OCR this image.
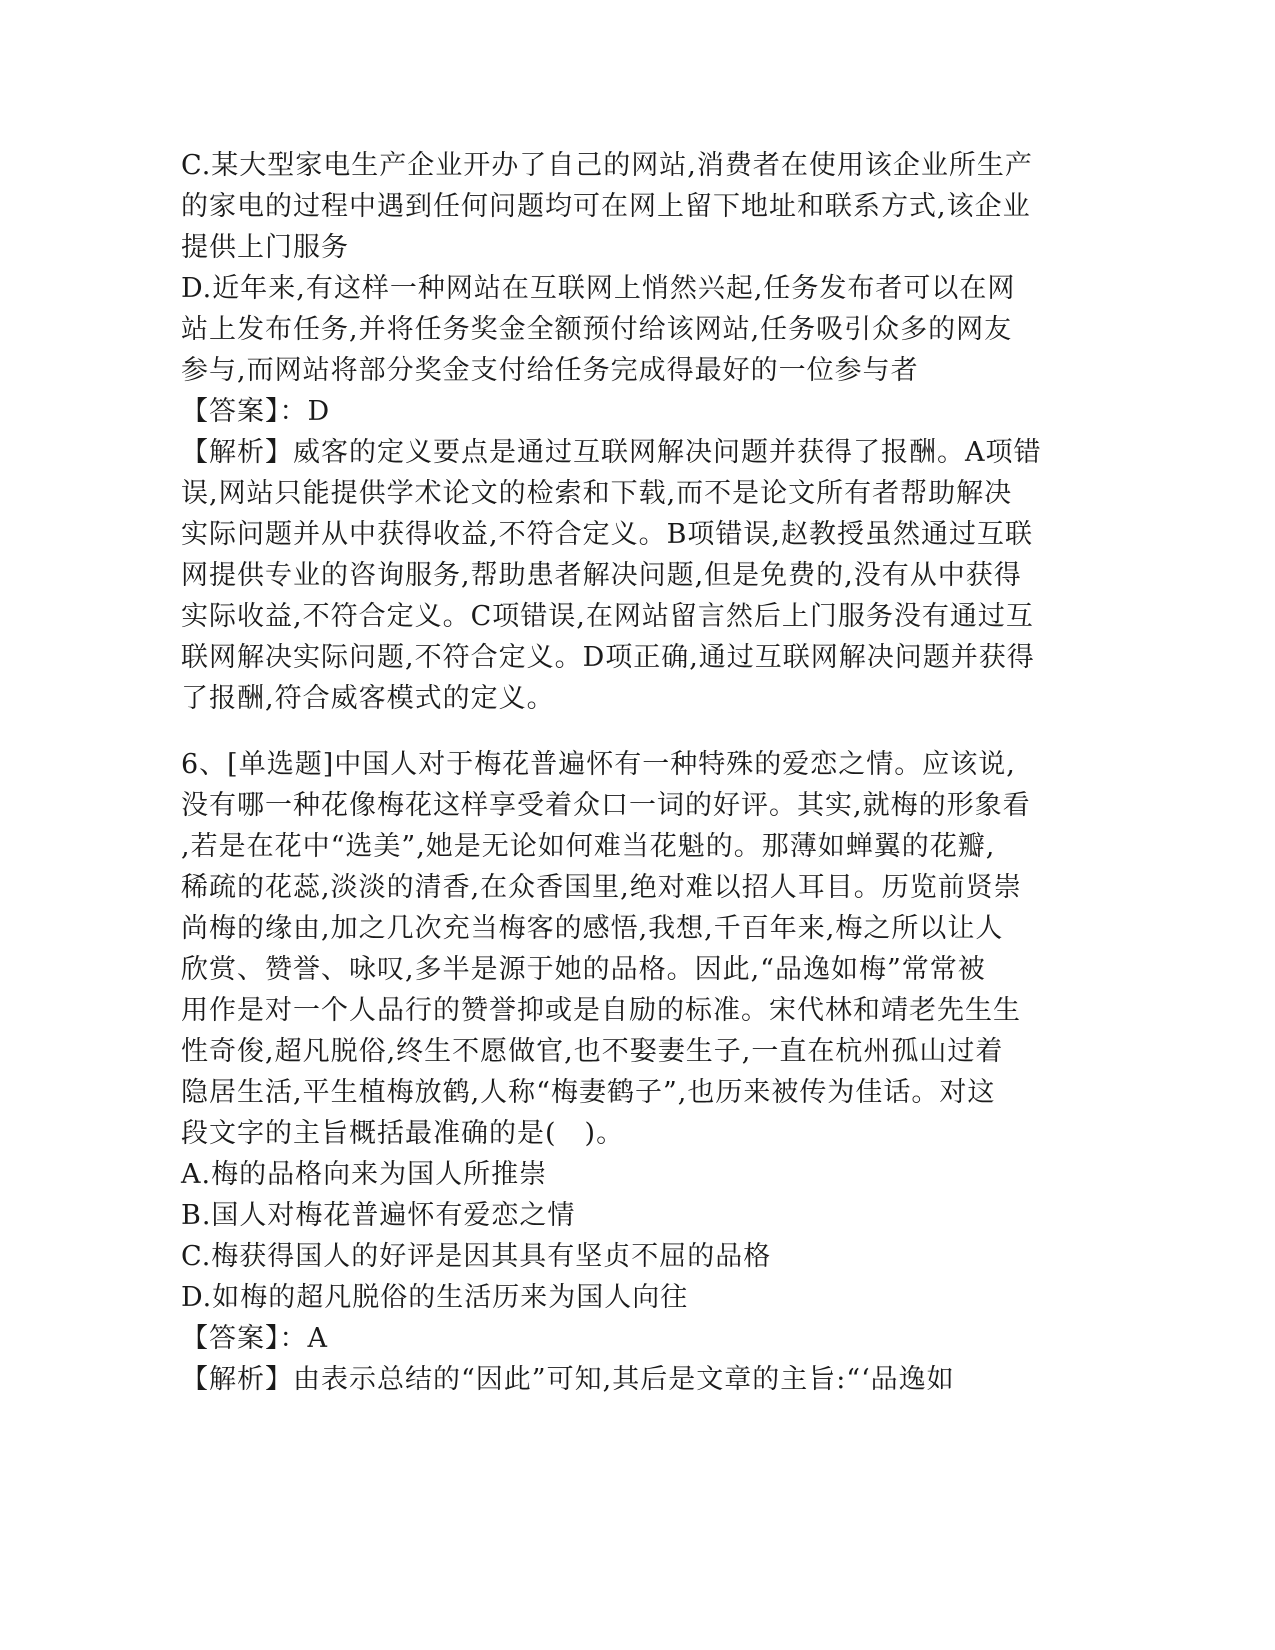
C.某大型家电生产企业开办了自己的网站,消费者在使用该企业所生产
的家电的过程中遇到任何问题均可在网上留下地址和联系方式,该企业
提供上门服务
D.近年来,有这样一种网站在互联网上悄然兴起,任务发布者可以在网
站上发布任务,并将任务奖金全额预付给该网站,任务吸引众多的网友
参与,而网站将部分奖金支付给任务完成得最好的一位参与者
【答案】：D
【解析】威客的定义要点是通过互联网解决问题并获得了报酬。A项错
误,网站只能提供学术论文的检索和下载,而不是论文所有者帮助解决
实际问题并从中获得收益,不符合定义。B项错误,赵教授虽然通过互联
网提供专业的咨询服务,帮助患者解决问题,但是免费的,没有从中获得
实际收益,不符合定义。C项错误,在网站留言然后上门服务没有通过互
联网解决实际问题,不符合定义。D项正确,通过互联网解决问题并获得
了报酬,符合威客模式的定义。
6、[单选题]中国人对于梅花普遍怀有一种特殊的爱恋之情。应该说,
没有哪一种花像梅花这样享受着众口一词的好评。其实,就梅的形象看
,若是在花中“选美”,她是无论如何难当花魁的。那薄如蝉翼的花瓣,
稀疏的花蕊,淡淡的清香,在众香国里,绝对难以招人耳目。历览前贤崇
尚梅的缘由,加之几次充当梅客的感悟,我想,千百年来,梅之所以让人
欣赏、赞誉、咏叹,多半是源于她的品格。因此,“品逸如梅”常常被
用作是对一个人品行的赞誉抑或是自励的标准。宋代林和靖老先生生
性奇俊,超凡脱俗,终生不愿做官,也不娶妻生子,一直在杭州孤山过着
隐居生活,平生植梅放鹤,人称“梅妻鹤子”,也历来被传为佳话。对这
段文字的主旨概括最准确的是(　)。
A.梅的品格向来为国人所推崇
B.国人对梅花普遍怀有爱恋之情
C.梅获得国人的好评是因其具有坚贞不屈的品格
D.如梅的超凡脱俗的生活历来为国人向往
【答案】：A
【解析】由表示总结的“因此”可知,其后是文章的主旨:“‘品逸如
